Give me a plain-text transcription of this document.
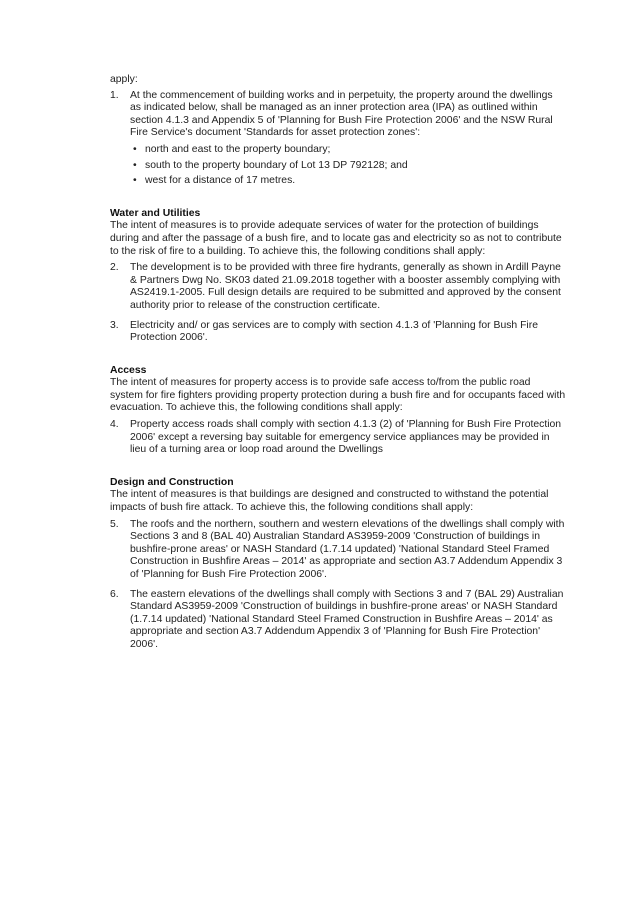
apply:

1.	At the commencement of building works and in perpetuity, the property around the dwellings as indicated below, shall be managed as an inner protection area (IPA) as outlined within section 4.1.3 and Appendix 5 of 'Planning for Bush Fire Protection 2006' and the NSW Rural Fire Service's document 'Standards for asset protection zones':

• north and east to the property boundary;
• south to the property boundary of Lot 13 DP 792128; and
• west for a distance of 17 metres.
Water and Utilities

The intent of measures is to provide adequate services of water for the protection of buildings during and after the passage of a bush fire, and to locate gas and electricity so as not to contribute to the risk of fire to a building. To achieve this, the following conditions shall apply:

2.	The development is to be provided with three fire hydrants, generally as shown in Ardill Payne & Partners Dwg No. SK03 dated 21.09.2018 together with a booster assembly complying with AS2419.1-2005. Full design details are required to be submitted and approved by the consent authority prior to release of the construction certificate.

3.	Electricity and/ or gas services are to comply with section 4.1.3 of 'Planning for Bush Fire Protection 2006'.

Access

The intent of measures for property access is to provide safe access to/from the public road system for fire fighters providing property protection during a bush fire and for occupants faced with evacuation. To achieve this, the following conditions shall apply:

4.	Property access roads shall comply with section 4.1.3 (2) of 'Planning for Bush Fire Protection 2006' except a reversing bay suitable for emergency service appliances may be provided in lieu of a turning area or loop road around the Dwellings

Design and Construction

The intent of measures is that buildings are designed and constructed to withstand the potential impacts of bush fire attack. To achieve this, the following conditions shall apply:

5.	The roofs and the northern, southern and western elevations of the dwellings shall comply with Sections 3 and 8 (BAL 40) Australian Standard AS3959-2009 'Construction of buildings in bushfire-prone areas' or NASH Standard (1.7.14 updated) 'National Standard Steel Framed Construction in Bushfire Areas – 2014' as appropriate and section A3.7 Addendum Appendix 3 of 'Planning for Bush Fire Protection 2006'.

6.	The eastern elevations of the dwellings shall comply with Sections 3 and 7 (BAL 29) Australian Standard AS3959-2009 'Construction of buildings in bushfire-prone areas' or NASH Standard (1.7.14 updated) 'National Standard Steel Framed Construction in Bushfire Areas – 2014' as appropriate and section A3.7 Addendum Appendix 3 of 'Planning for Bush Fire Protection' 2006'.
